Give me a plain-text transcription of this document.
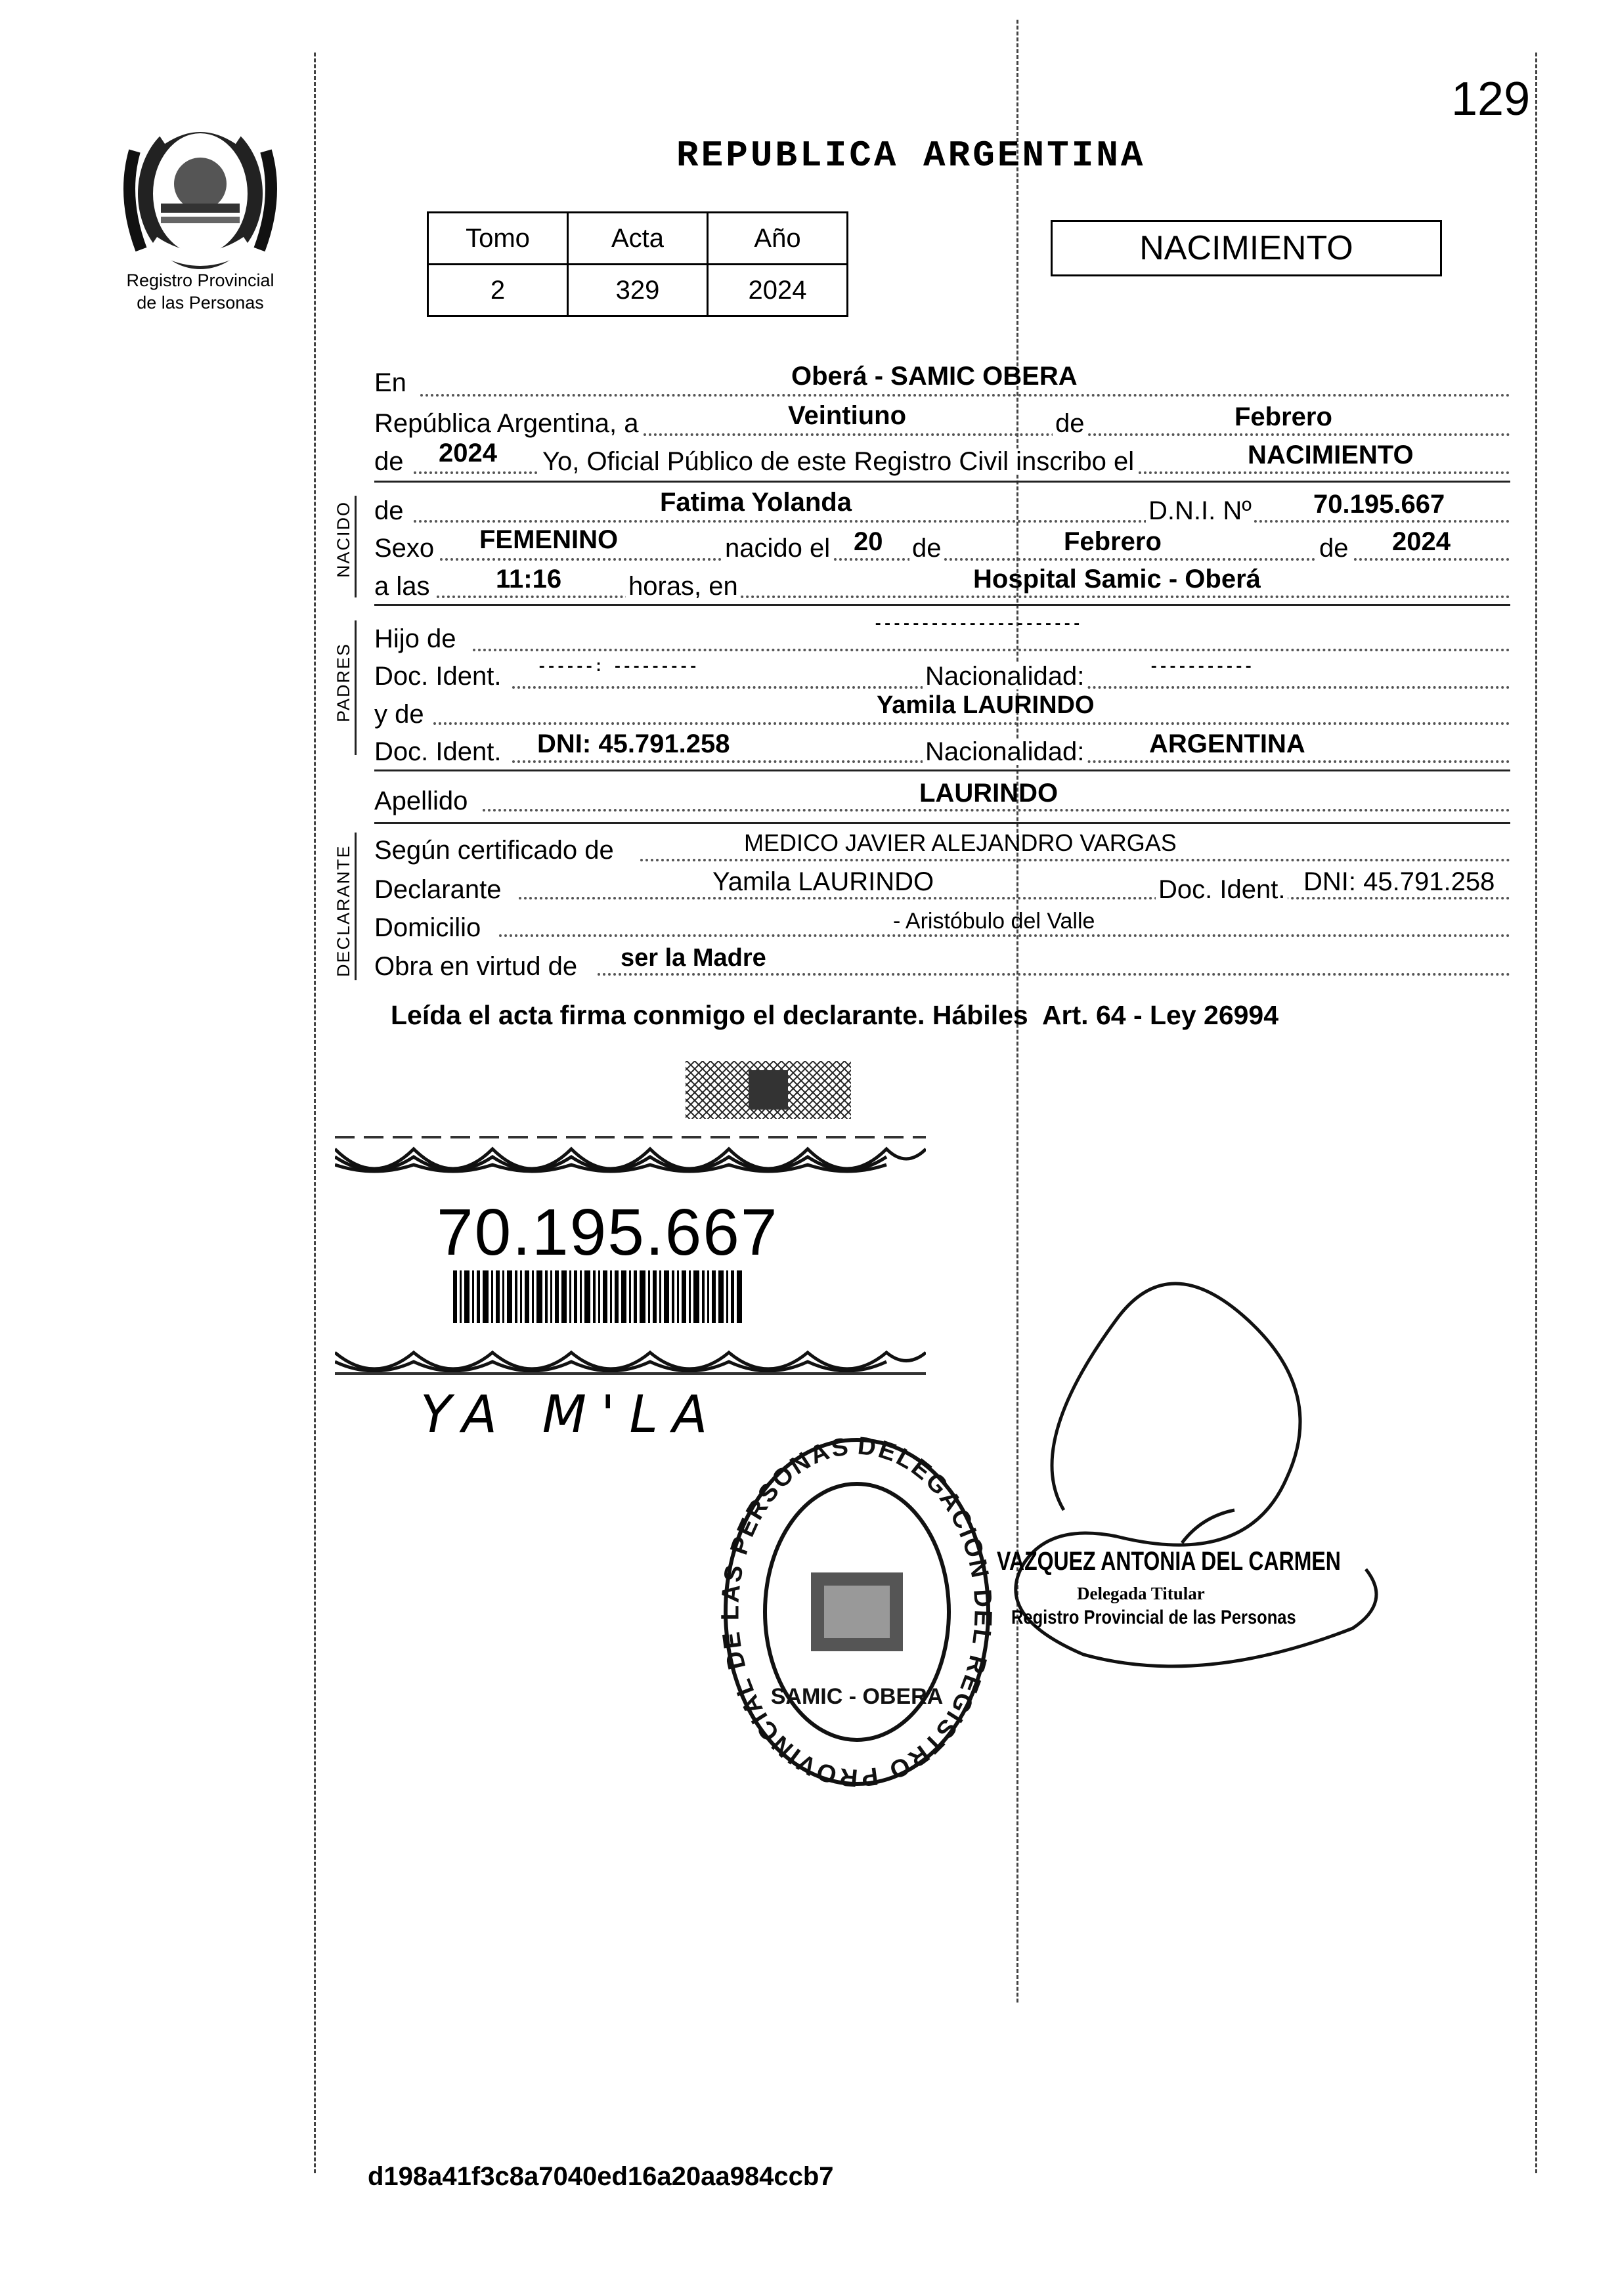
129
Registro Provincial
de las Personas
REPUBLICA ARGENTINA
Tomo	Acta	Año
2	329	2024
NACIMIENTO
En	Oberá - SAMIC OBERA
República Argentina, a	Veintiuno	de	Febrero
de 2024 Yo, Oficial Público de este Registro Civil inscribo el	NACIMIENTO
NACIDO de	Fatima Yolanda	D.N.I. Nº 70.195.667
Sexo FEMENINO	nacido el 20 de	Febrero	de 2024
a las	11:16	horas, en	Hospital Samic - Oberá
PADRES
Hijo de	----------------------
Doc. Ident. ------: ---------	Nacionalidad:	-----------
y de	Yamila LAURINDO
Doc. Ident. DNI: 45.791.258	Nacionalidad: ARGENTINA
Apellido	LAURINDO
DECLARANTE Según certificado de	MEDICO JAVIER ALEJANDRO VARGAS
Declarante	Yamila LAURINDO	Doc. Ident. DNI: 45.791.258
Domicilio	- Aristóbulo del Valle
Obra en virtud de ser la Madre
Leída el acta firma conmigo el declarante. Hábiles  Art. 64 - Ley 26994
70.195.667
YA M'LA
DELEGACION DEL REGISTRO PROVINCIAL DE LAS PERSONAS
SAMIC - OBERA
VAZQUEZ ANTONIA DEL CARMEN
Delegada Titular
Registro Provincial de las Personas
d198a41f3c8a7040ed16a20aa984ccb7
